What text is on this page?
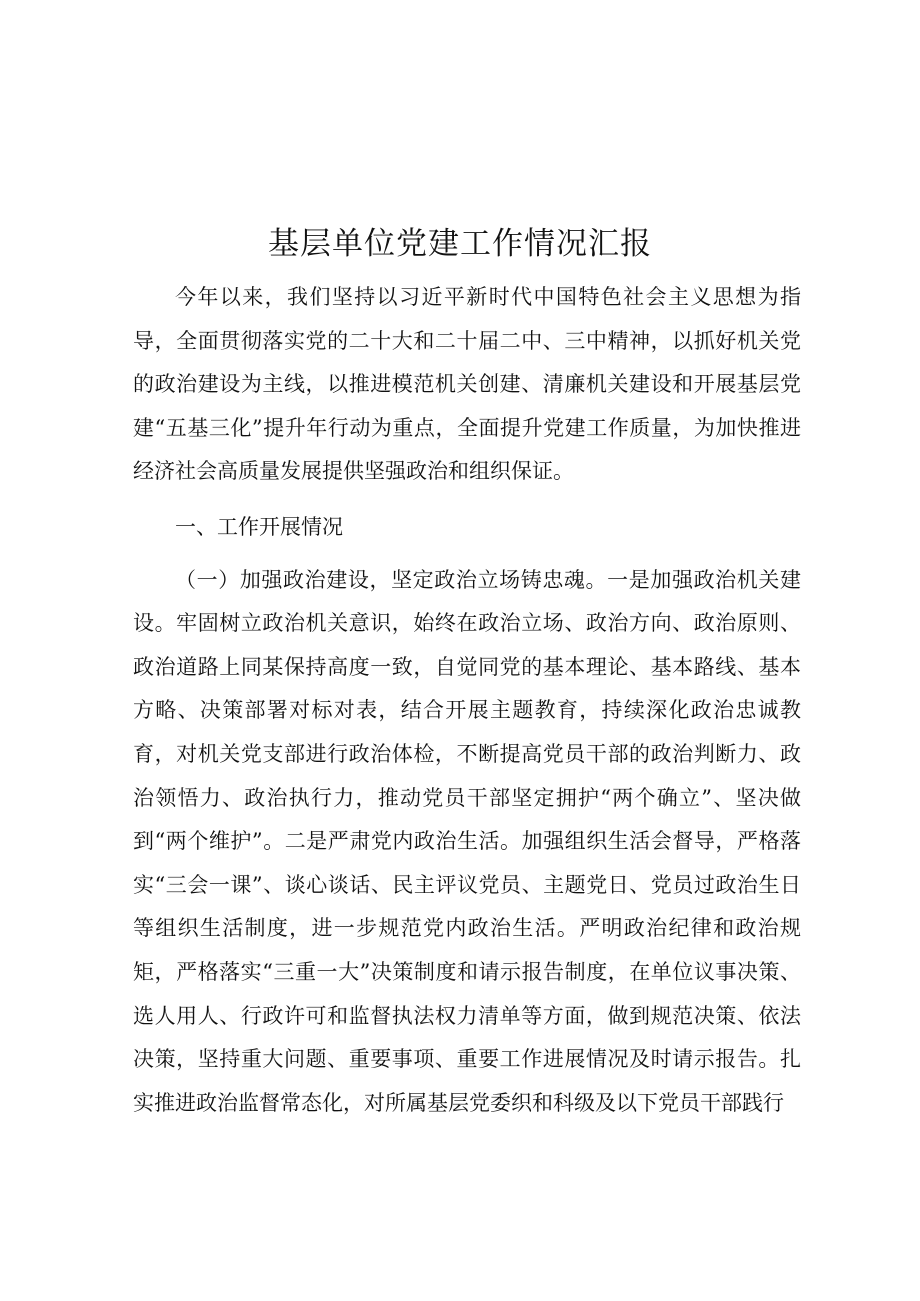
基层单位党建工作情况汇报

今年以来，我们坚持以习近平新时代中国特色社会主义思想为指导，全面贯彻落实党的二十大和二十届二中、三中精神，以抓好机关党的政治建设为主线，以推进模范机关创建、清廉机关建设和开展基层党建“五基三化”提升年行动为重点，全面提升党建工作质量，为加快推进经济社会高质量发展提供坚强政治和组织保证。

一、工作开展情况

（一）加强政治建设，坚定政治立场铸忠魂。一是加强政治机关建设。牢固树立政治机关意识，始终在政治立场、政治方向、政治原则、政治道路上同某保持高度一致，自觉同党的基本理论、基本路线、基本方略、决策部署对标对表，结合开展主题教育，持续深化政治忠诚教育，对机关党支部进行政治体检，不断提高党员干部的政治判断力、政治领悟力、政治执行力，推动党员干部坚定拥护“两个确立”、坚决做到“两个维护”。二是严肃党内政治生活。加强组织生活会督导，严格落实“三会一课”、谈心谈话、民主评议党员、主题党日、党员过政治生日等组织生活制度，进一步规范党内政治生活。严明政治纪律和政治规矩，严格落实“三重一大”决策制度和请示报告制度，在单位议事决策、选人用人、行政许可和监督执法权力清单等方面，做到规范决策、依法决策，坚持重大问题、重要事项、重要工作进展情况及时请示报告。扎实推进政治监督常态化，对所属基层党委织和科级及以下党员干部践行
